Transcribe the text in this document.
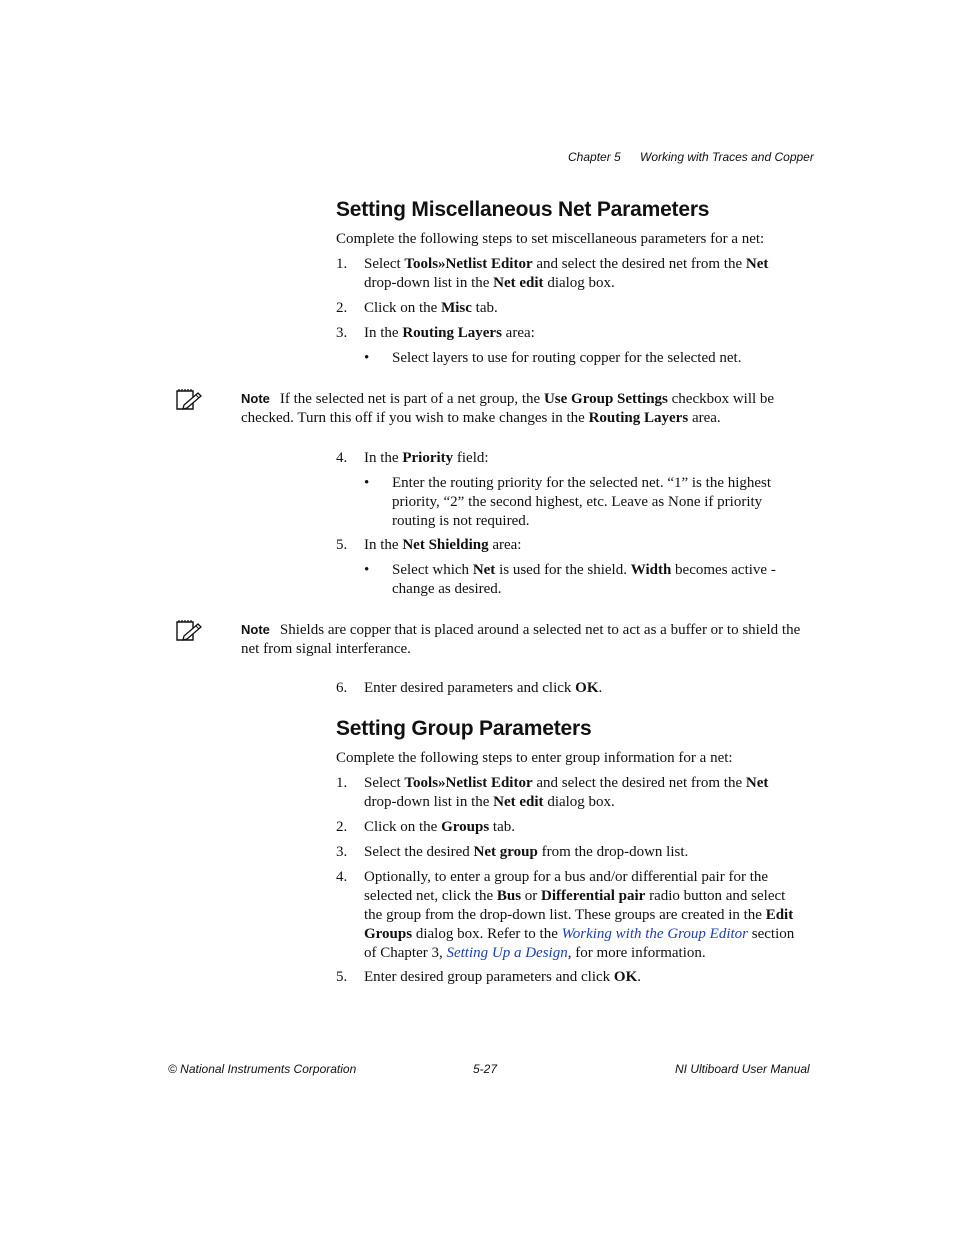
Chapter 5 Working with Traces and Copper
Setting Miscellaneous Net Parameters
Complete the following steps to set miscellaneous parameters for a net:
1. Select Tools»Netlist Editor and select the desired net from the Net drop-down list in the Net edit dialog box.
2. Click on the Misc tab.
3. In the Routing Layers area:
• Select layers to use for routing copper for the selected net.
Note If the selected net is part of a net group, the Use Group Settings checkbox will be checked. Turn this off if you wish to make changes in the Routing Layers area.
4. In the Priority field:
• Enter the routing priority for the selected net. “1” is the highest priority, “2” the second highest, etc. Leave as None if priority routing is not required.
5. In the Net Shielding area:
• Select which Net is used for the shield. Width becomes active - change as desired.
Note Shields are copper that is placed around a selected net to act as a buffer or to shield the net from signal interferance.
6. Enter desired parameters and click OK.
Setting Group Parameters
Complete the following steps to enter group information for a net:
1. Select Tools»Netlist Editor and select the desired net from the Net drop-down list in the Net edit dialog box.
2. Click on the Groups tab.
3. Select the desired Net group from the drop-down list.
4. Optionally, to enter a group for a bus and/or differential pair for the selected net, click the Bus or Differential pair radio button and select the group from the drop-down list. These groups are created in the Edit Groups dialog box. Refer to the Working with the Group Editor section of Chapter 3, Setting Up a Design, for more information.
5. Enter desired group parameters and click OK.
© National Instruments Corporation	5-27	NI Ultiboard User Manual
